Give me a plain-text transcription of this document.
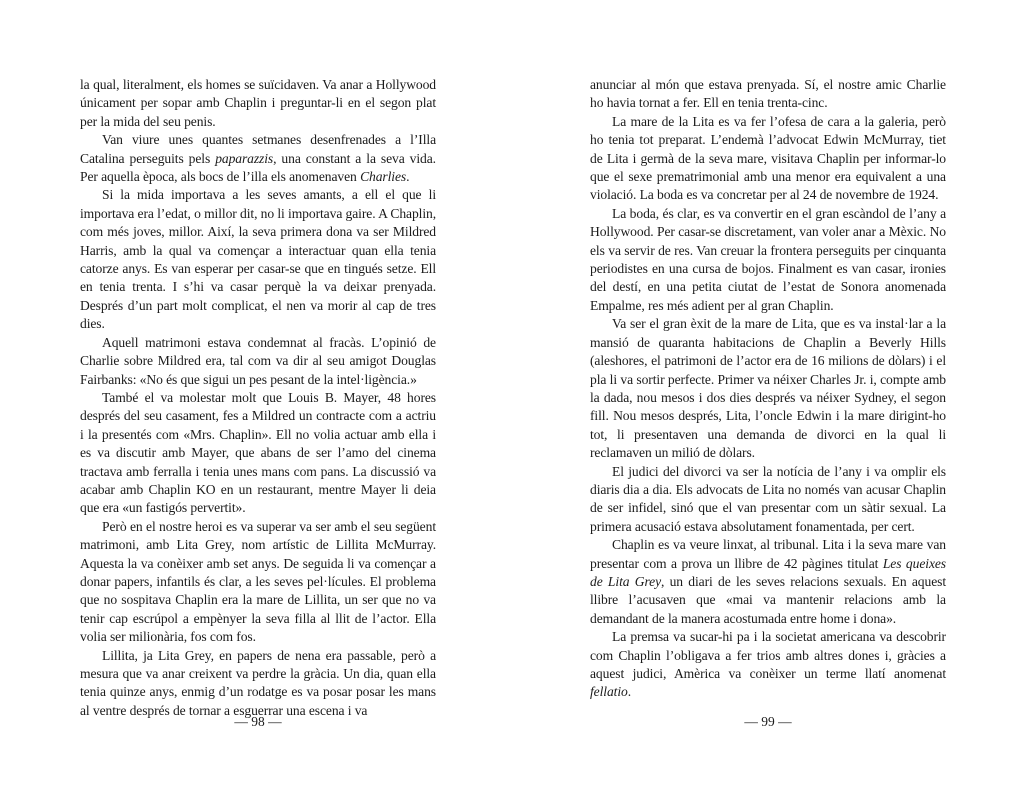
la qual, literalment, els homes se suïcidaven. Va anar a Hollywood únicament per sopar amb Chaplin i preguntar-li en el segon plat per la mida del seu penis.

Van viure unes quantes setmanes desenfrenades a l’Illa Catalina perseguits pels paparazzis, una constant a la seva vida. Per aquella època, als bocs de l’illa els anomenaven Charlies.

Si la mida importava a les seves amants, a ell el que li importava era l’edat, o millor dit, no li importava gaire. A Chaplin, com més joves, millor. Així, la seva primera dona va ser Mildred Harris, amb la qual va començar a interactuar quan ella tenia catorze anys. Es van esperar per casar-se que en tingués setze. Ell en tenia trenta. I s’hi va casar perquè la va deixar prenyada. Després d’un part molt complicat, el nen va morir al cap de tres dies.

Aquell matrimoni estava condemnat al fracàs. L’opinió de Charlie sobre Mildred era, tal com va dir al seu amigot Douglas Fairbanks: «No és que sigui un pes pesant de la intel·ligència.»

També el va molestar molt que Louis B. Mayer, 48 hores després del seu casament, fes a Mildred un contracte com a actriu i la presentés com «Mrs. Chaplin». Ell no volia actuar amb ella i es va discutir amb Mayer, que abans de ser l’amo del cinema tractava amb ferralla i tenia unes mans com pans. La discussió va acabar amb Chaplin KO en un restaurant, mentre Mayer li deia que era «un fastigós pervertit».

Però en el nostre heroi es va superar va ser amb el seu següent matrimoni, amb Lita Grey, nom artístic de Lillita McMurray. Aquesta la va conèixer amb set anys. De seguida li va començar a donar papers, infantils és clar, a les seves pel·lícules. El problema que no sospitava Chaplin era la mare de Lillita, un ser que no va tenir cap escrúpol a empènyer la seva filla al llit de l’actor. Ella volia ser milionària, fos com fos.

Lillita, ja Lita Grey, en papers de nena era passable, però a mesura que va anar creixent va perdre la gràcia. Un dia, quan ella tenia quinze anys, enmig d’un rodatge es va posar posar les mans al ventre després de tornar a esguerrar una escena i va

— 98 —

anunciar al món que estava prenyada. Sí, el nostre amic Charlie ho havia tornat a fer. Ell en tenia trenta-cinc.

La mare de la Lita es va fer l’ofesa de cara a la galeria, però ho tenia tot preparat. L’endemà l’advocat Edwin McMurray, tiet de Lita i germà de la seva mare, visitava Chaplin per informar-lo que el sexe prematrimonial amb una menor era equivalent a una violació. La boda es va concretar per al 24 de novembre de 1924.

La boda, és clar, es va convertir en el gran escàndol de l’any a Hollywood. Per casar-se discretament, van voler anar a Mèxic. No els va servir de res. Van creuar la frontera perseguits per cinquanta periodistes en una cursa de bojos. Finalment es van casar, ironies del destí, en una petita ciutat de l’estat de Sonora anomenada Empalme, res més adient per al gran Chaplin.

Va ser el gran èxit de la mare de Lita, que es va instal·lar a la mansió de quaranta habitacions de Chaplin a Beverly Hills (aleshores, el patrimoni de l’actor era de 16 milions de dòlars) i el pla li va sortir perfecte. Primer va néixer Charles Jr. i, compte amb la dada, nou mesos i dos dies després va néixer Sydney, el segon fill. Nou mesos després, Lita, l’oncle Edwin i la mare dirigint-ho tot, li presentaven una demanda de divorci en la qual li reclamaven un milió de dòlars.

El judici del divorci va ser la notícia de l’any i va omplir els diaris dia a dia. Els advocats de Lita no només van acusar Chaplin de ser infidel, sinó que el van presentar com un sàtir sexual. La primera acusació estava absolutament fonamentada, per cert.

Chaplin es va veure linxat, al tribunal. Lita i la seva mare van presentar com a prova un llibre de 42 pàgines titulat Les queixes de Lita Grey, un diari de les seves relacions sexuals. En aquest llibre l’acusaven que «mai va mantenir relacions amb la demandant de la manera acostumada entre home i dona».

La premsa va sucar-hi pa i la societat americana va descobrir com Chaplin l’obligava a fer trios amb altres dones i, gràcies a aquest judici, Amèrica va conèixer un terme llatí anomenat fellatio.

— 99 —
